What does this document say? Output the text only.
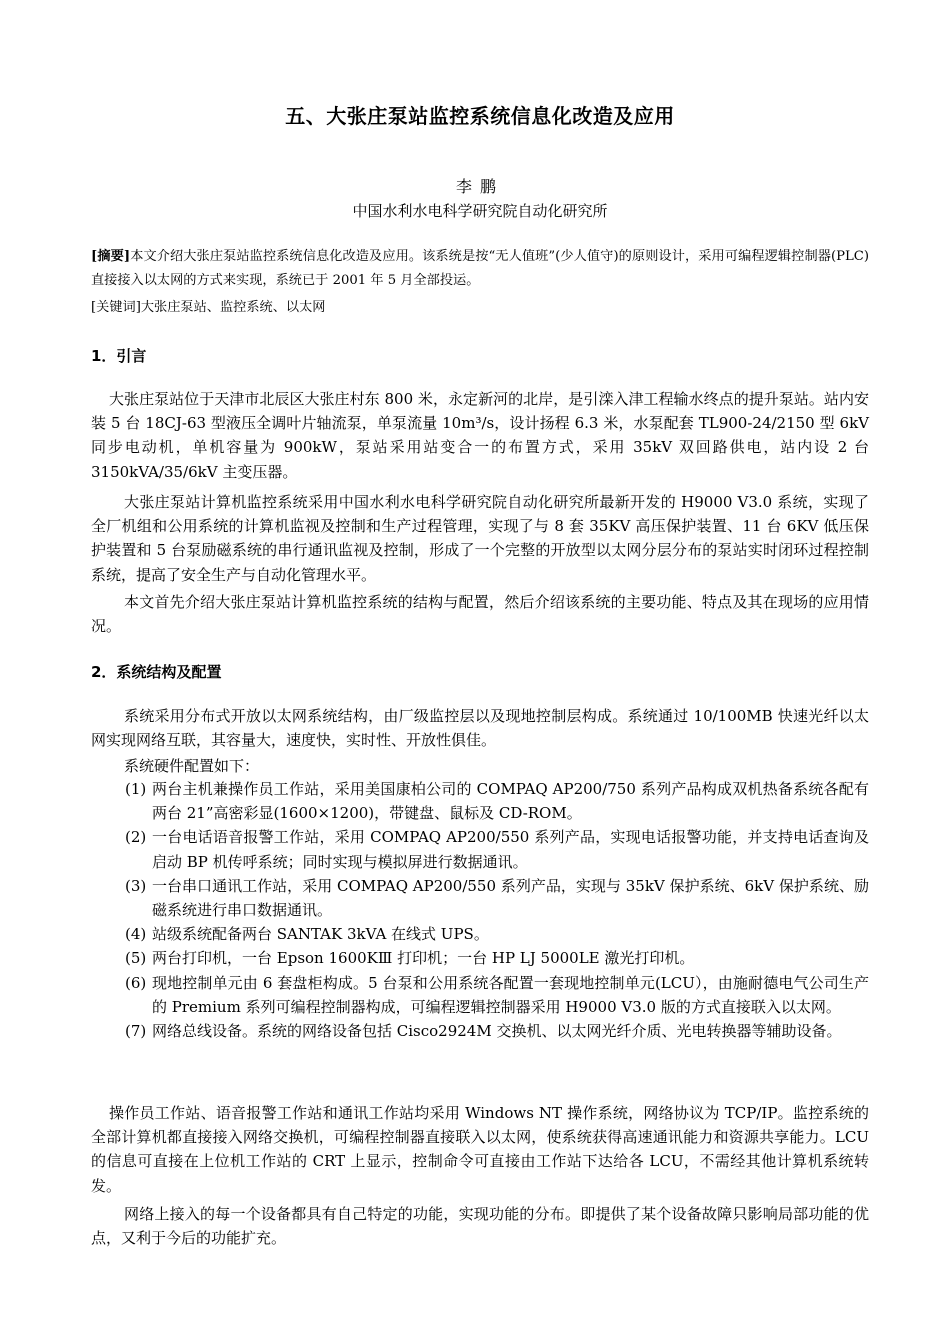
五、大张庄泵站监控系统信息化改造及应用
李鹏
中国水利水电科学研究院自动化研究所
[摘要]本文介绍大张庄泵站监控系统信息化改造及应用。该系统是按“无人值班”(少人值守)的原则设计，采用可编程逻辑控制器(PLC)直接接入以太网的方式来实现，系统已于 2001 年 5 月全部投运。
[关键词]大张庄泵站、监控系统、以太网
1．引言

大张庄泵站位于天津市北辰区大张庄村东 800 米，永定新河的北岸，是引滦入津工程输水终点的提升泵站。站内安装 5 台 18CJ-63 型液压全调叶片轴流泵，单泵流量 10m³/s，设计扬程 6.3 米，水泵配套 TL900-24/2150 型 6kV 同步电动机，单机容量为 900kW，泵站采用站变合一的布置方式，采用 35kV 双回路供电，站内设 2 台 3150kVA/35/6kV 主变压器。

大张庄泵站计算机监控系统采用中国水利水电科学研究院自动化研究所最新开发的 H9000 V3.0 系统，实现了全厂机组和公用系统的计算机监视及控制和生产过程管理，实现了与 8 套 35KV 高压保护装置、11 台 6KV 低压保护装置和 5 台泵励磁系统的串行通讯监视及控制，形成了一个完整的开放型以太网分层分布的泵站实时闭环过程控制系统，提高了安全生产与自动化管理水平。

本文首先介绍大张庄泵站计算机监控系统的结构与配置，然后介绍该系统的主要功能、特点及其在现场的应用情况。

2．系统结构及配置

系统采用分布式开放以太网系统结构，由厂级监控层以及现地控制层构成。系统通过 10/100MB 快速光纤以太网实现网络互联，其容量大，速度快，实时性、开放性俱佳。

系统硬件配置如下：

(1) 两台主机兼操作员工作站，采用美国康柏公司的 COMPAQ AP200/750 系列产品构成双机热备系统各配有两台 21”高密彩显(1600×1200)，带键盘、鼠标及 CD-ROM。
(2) 一台电话语音报警工作站，采用 COMPAQ AP200/550 系列产品，实现电话报警功能，并支持电话查询及启动 BP 机传呼系统；同时实现与模拟屏进行数据通讯。
(3) 一台串口通讯工作站，采用 COMPAQ AP200/550 系列产品，实现与 35kV 保护系统、6kV 保护系统、励磁系统进行串口数据通讯。
(4) 站级系统配备两台 SANTAK 3kVA 在线式 UPS。
(5) 两台打印机，一台 Epson 1600KⅢ 打印机；一台 HP LJ 5000LE 激光打印机。
(6) 现地控制单元由 6 套盘柜构成。5 台泵和公用系统各配置一套现地控制单元(LCU），由施耐德电气公司生产的 Premium 系列可编程控制器构成，可编程逻辑控制器采用 H9000 V3.0 版的方式直接联入以太网。
(7) 网络总线设备。系统的网络设备包括 Cisco2924M 交换机、以太网光纤介质、光电转换器等辅助设备。

操作员工作站、语音报警工作站和通讯工作站均采用 Windows NT 操作系统，网络协议为 TCP/IP。监控系统的全部计算机都直接接入网络交换机，可编程控制器直接联入以太网，使系统获得高速通讯能力和资源共享能力。LCU 的信息可直接在上位机工作站的 CRT 上显示，控制命令可直接由工作站下达给各 LCU，不需经其他计算机系统转发。

网络上接入的每一个设备都具有自己特定的功能，实现功能的分布。即提供了某个设备故障只影响局部功能的优点，又利于今后的功能扩充。
